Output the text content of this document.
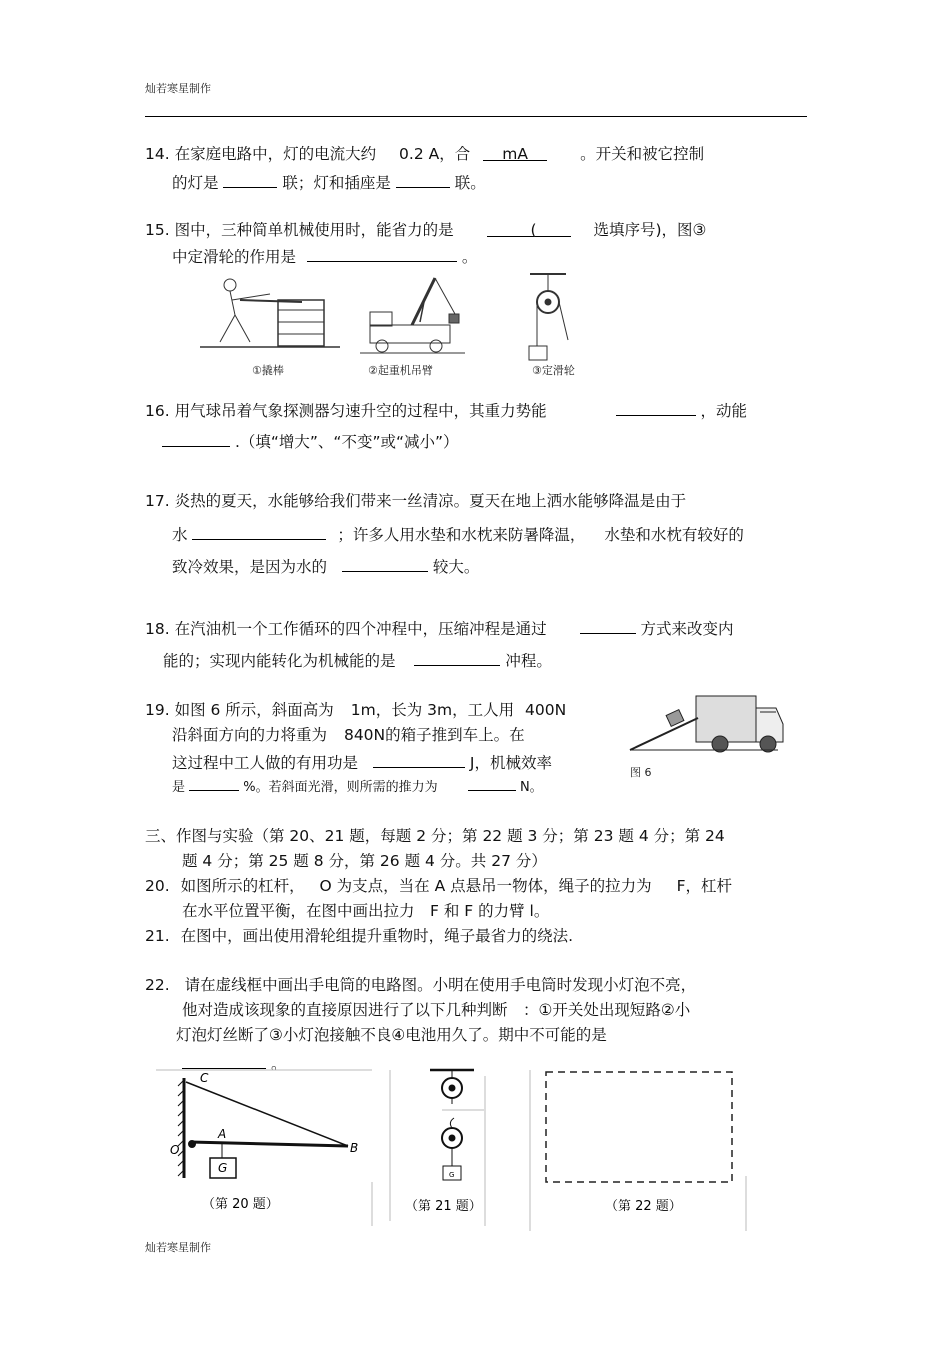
灿若寒星制作
14. 在家庭电路中，灯的电流大约 0.2 A，合 mA	。开关和被它控制
的灯是	联；灯和插座是	联。
15. 图中，三种简单机械使用时，能省力的是	(	选填序号)，图③
中定滑轮的作用是	。
①撬棒	②起重机吊臂	③定滑轮
16. 用气球吊着气象探测器匀速升空的过程中，其重力势能	，动能
.（填“增大”、“不变”或“减小”）
17. 炎热的夏天，水能够给我们带来一丝清凉。夏天在地上洒水能够降温是由于
水	；许多人用水垫和水枕来防暑降温， 水垫和水枕有较好的
致冷效果，是因为水的	较大。
18. 在汽油机一个工作循环的四个冲程中，压缩冲程是通过	方式来改变内
能的；实现内能转化为机械能的是	冲程。
19. 如图 6 所示，斜面高为 1m，长为 3m，工人用 400N
沿斜面方向的力将重为 840N的箱子推到车上。在
这过程中工人做的有用功是	J，机械效率
是	%。若斜面光滑，则所需的推力为	N。
图 6
三、作图与实验（第 20、21 题，每题 2 分；第 22 题 3 分；第 23 题 4 分；第 24
题 4 分；第 25 题 8 分，第 26 题 4 分。共 27 分）
20. 如图所示的杠杆， O 为支点，当在 A 点悬吊一物体，绳子的拉力为 F，杠杆
在水平位置平衡，在图中画出拉力　F 和 F 的力臂 l。
21. 在图中，画出使用滑轮组提升重物时，绳子最省力的绕法.
22. 请在虚线框中画出手电筒的电路图。小明在使用手电筒时发现小灯泡不亮，
他对造成该现象的直接原因进行了以下几种判断　：①开关处出现短路②小
灯泡灯丝断了③小灯泡接触不良④电池用久了。期中不可能的是
。
C
O
A
B
G	G
（第 20 题）	（第 21 题）	（第 22 题）
灿若寒星制作
